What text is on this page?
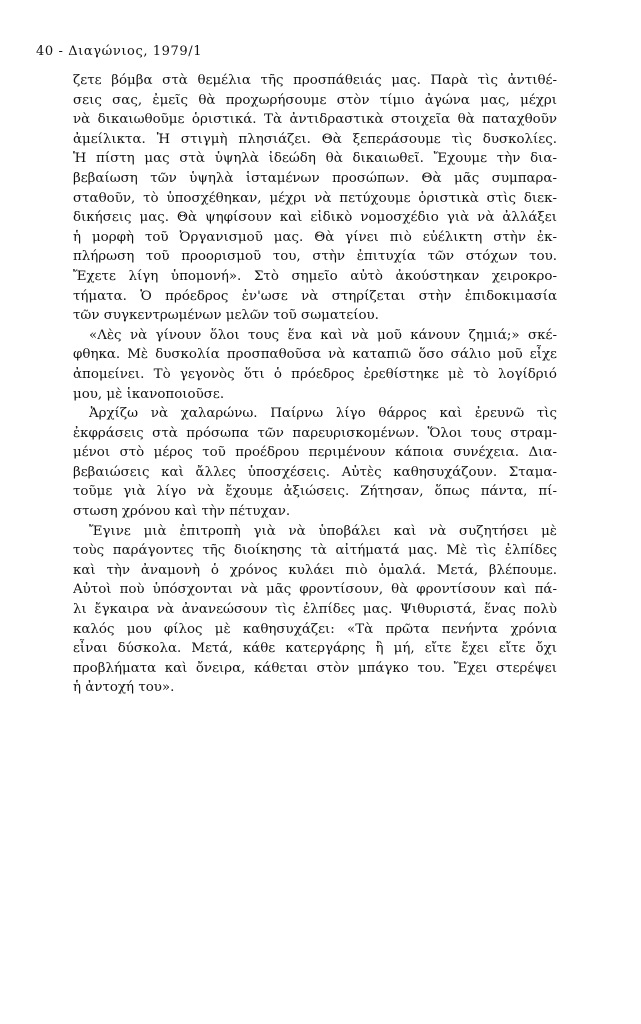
40 - Διαγώνιος, 1979/1
ζετε βόμβα στὰ θεμέλια τῆς προσπάθειάς μας. Παρὰ τὶς ἀντιθέ-
σεις σας, ἐμεῖς θὰ προχωρήσουμε στὸν τίμιο ἀγώνα μας, μέχρι
νὰ δικαιωθοῦμε ὁριστικά. Τὰ ἀντιδραστικὰ στοιχεῖα θὰ παταχθοῦν
ἀμείλικτα. Ἡ στιγμὴ πλησιάζει. Θὰ ξεπεράσουμε τὶς δυσκολίες.
Ἡ πίστη μας στὰ ὑψηλὰ ἰδεώδη θὰ δικαιωθεῖ. Ἔχουμε τὴν δια-
βεβαίωση τῶν ὑψηλὰ ἱσταμένων προσώπων. Θὰ μᾶς συμπαρα-
σταθοῦν, τὸ ὑποσχέθηκαν, μέχρι νὰ πετύχουμε ὁριστικὰ στὶς διεκ-
δικήσεις μας. Θὰ ψηφίσουν καὶ εἰδικὸ νομοσχέδιο γιὰ νὰ ἀλλάξει
ἡ μορφὴ τοῦ Ὀργανισμοῦ μας. Θὰ γίνει πιὸ εὐέλικτη στὴν ἐκ-
πλήρωση τοῦ προορισμοῦ του, στὴν ἐπιτυχία τῶν στόχων του.
Ἔχετε λίγη ὑπομονή». Στὸ σημεῖο αὐτὸ ἀκούστηκαν χειροκρο-
τήματα. Ὁ πρόεδρος ἐν'ωσε νὰ στηρίζεται στὴν ἐπιδοκιμασία
τῶν συγκεντρωμένων μελῶν τοῦ σωματείου.
«Λὲς νὰ γίνουν ὅλοι τους ἕνα καὶ νὰ μοῦ κάνουν ζημιά;» σκέ-
φθηκα. Μὲ δυσκολία προσπαθοῦσα νὰ καταπιῶ ὅσο σάλιο μοῦ εἶχε
ἀπομείνει. Τὸ γεγονὸς ὅτι ὁ πρόεδρος ἐρεθίστηκε μὲ τὸ λογίδριό
μου, μὲ ἱκανοποιοῦσε.
Ἀρχίζω νὰ χαλαρώνω. Παίρνω λίγο θάρρος καὶ ἐρευνῶ τὶς
ἐκφράσεις στὰ πρόσωπα τῶν παρευρισκομένων. Ὅλοι τους στραμ-
μένοι στὸ μέρος τοῦ προέδρου περιμένουν κάποια συνέχεια. Δια-
βεβαιώσεις καὶ ἄλλες ὑποσχέσεις. Αὐτὲς καθησυχάζουν. Σταμα-
τοῦμε γιὰ λίγο νὰ ἔχουμε ἀξιώσεις. Ζήτησαν, ὅπως πάντα, πί-
στωση χρόνου καὶ τὴν πέτυχαν.
Ἔγινε μιὰ ἐπιτροπὴ γιὰ νὰ ὑποβάλει καὶ νὰ συζητήσει μὲ
τοὺς παράγοντες τῆς διοίκησης τὰ αἰτήματά μας. Μὲ τὶς ἐλπίδες
καὶ τὴν ἀναμονὴ ὁ χρόνος κυλάει πιὸ ὁμαλά. Μετά, βλέπουμε.
Αὐτοὶ ποὺ ὑπόσχονται νὰ μᾶς φροντίσουν, θὰ φροντίσουν καὶ πά-
λι ἔγκαιρα νὰ ἀνανεώσουν τὶς ἐλπίδες μας. Ψιθυριστά, ἕνας πολὺ
καλός μου φίλος μὲ καθησυχάζει: «Τὰ πρῶτα πενήντα χρόνια
εἶναι δύσκολα. Μετά, κάθε κατεργάρης ἢ μή, εἴτε ἔχει εἴτε ὄχι
προβλήματα καὶ ὄνειρα, κάθεται στὸν μπάγκο του. Ἔχει στερέψει
ἡ ἀντοχή του».
